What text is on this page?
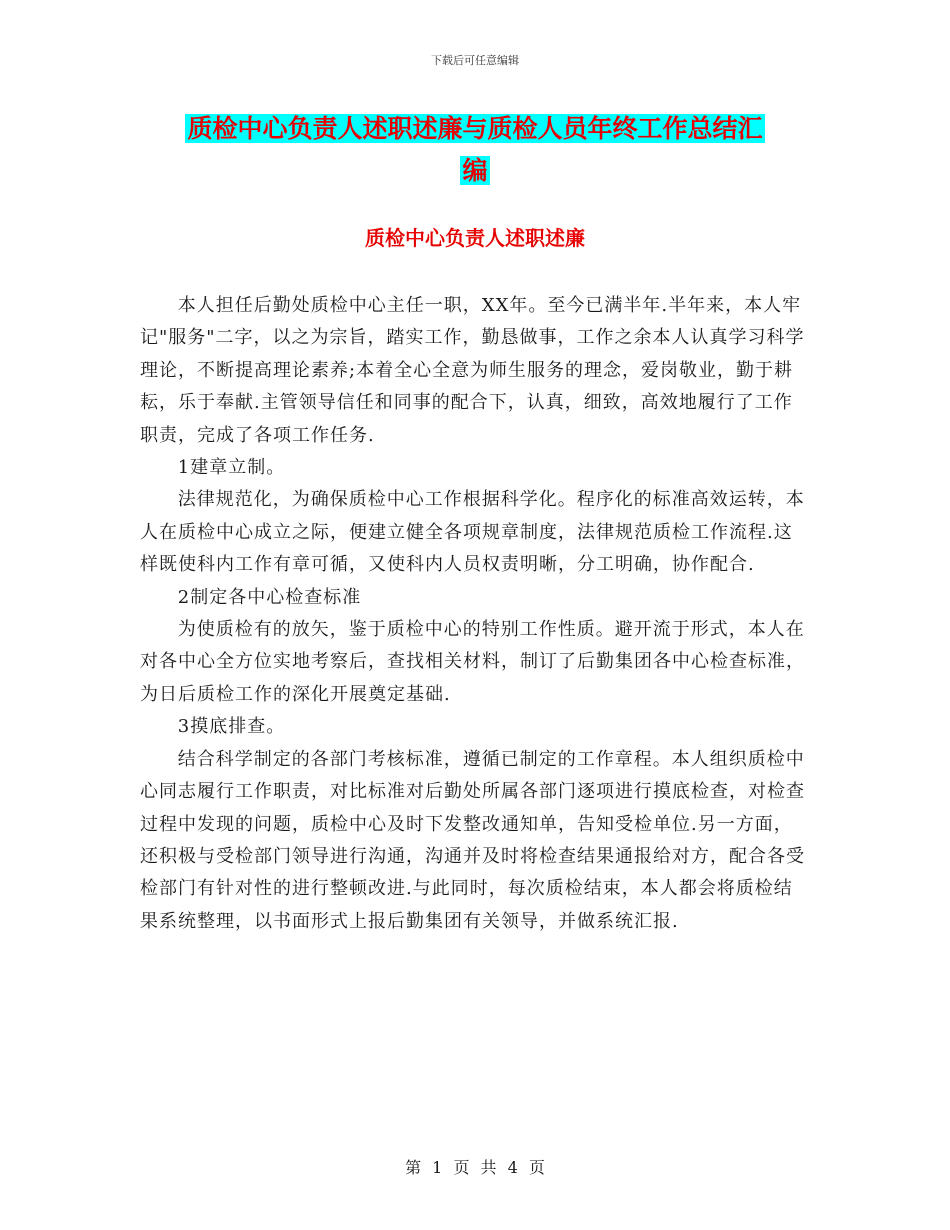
下载后可任意编辑
质检中心负责人述职述廉与质检人员年终工作总结汇
编
质检中心负责人述职述廉

本人担任后勤处质检中心主任一职，XX年。至今已满半年.半年来，本人牢记"服务"二字，以之为宗旨，踏实工作，勤恳做事，工作之余本人认真学习科学理论，不断提高理论素养;本着全心全意为师生服务的理念，爱岗敬业，勤于耕耘，乐于奉献.主管领导信任和同事的配合下，认真，细致，高效地履行了工作职责，完成了各项工作任务.

1建章立制。

法律规范化，为确保质检中心工作根据科学化。程序化的标准高效运转，本人在质检中心成立之际，便建立健全各项规章制度，法律规范质检工作流程.这样既使科内工作有章可循，又使科内人员权责明晰，分工明确，协作配合.

2制定各中心检查标准

为使质检有的放矢，鉴于质检中心的特别工作性质。避开流于形式，本人在对各中心全方位实地考察后，查找相关材料，制订了后勤集团各中心检查标准，为日后质检工作的深化开展奠定基础.

3摸底排查。

结合科学制定的各部门考核标准，遵循已制定的工作章程。本人组织质检中心同志履行工作职责，对比标准对后勤处所属各部门逐项进行摸底检查，对检查过程中发现的问题，质检中心及时下发整改通知单，告知受检单位.另一方面，还积极与受检部门领导进行沟通，沟通并及时将检查结果通报给对方，配合各受检部门有针对性的进行整顿改进.与此同时，每次质检结束，本人都会将质检结果系统整理，以书面形式上报后勤集团有关领导，并做系统汇报.

第 1 页 共 4 页
